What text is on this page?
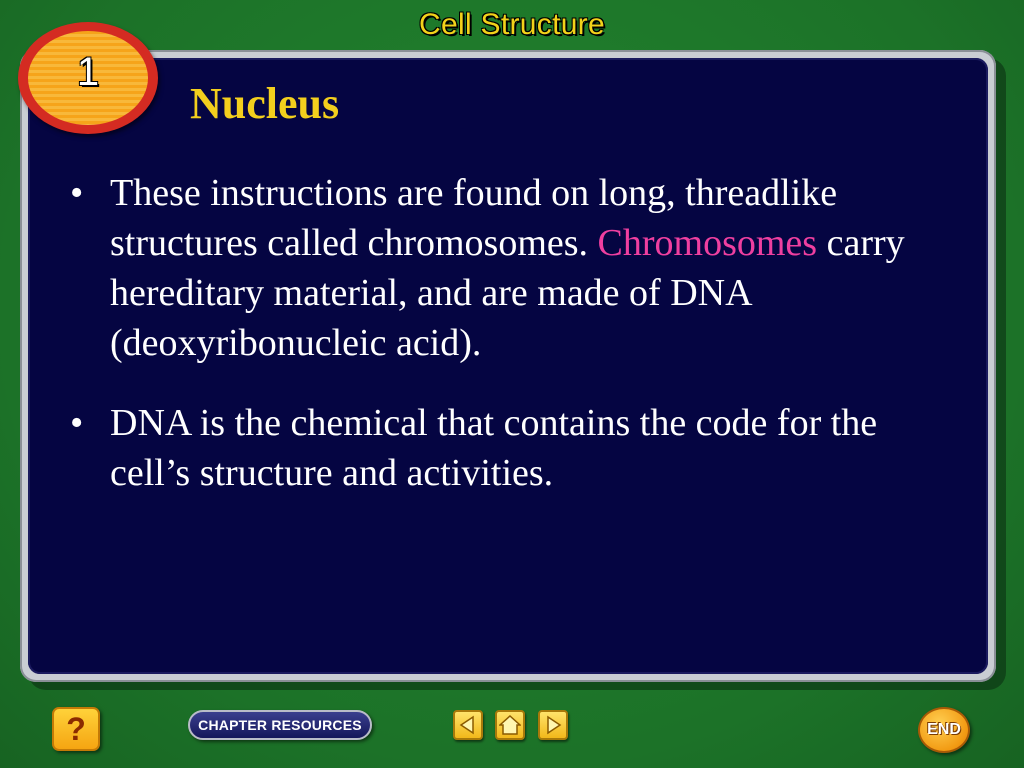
Cell Structure
1
Nucleus
• These instructions are found on long, threadlike structures called chromosomes. Chromosomes carry hereditary material, and are made of DNA (deoxyribonucleic acid).
• DNA is the chemical that contains the code for the cell’s structure and activities.
?	CHAPTER RESOURCES	END
